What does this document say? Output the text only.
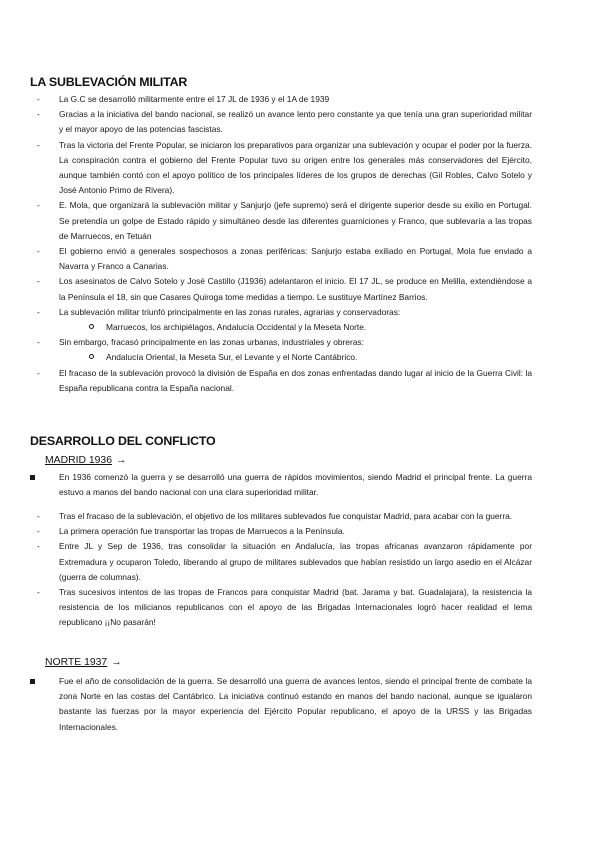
LA SUBLEVACIÓN MILITAR
- La G.C se desarrolló militarmente entre el 17 JL de 1936 y el 1A de 1939
- Gracias a la iniciativa del bando nacional, se realizó un avance lento pero constante ya que tenía una gran superioridad militar y el mayor apoyo de las potencias fascistas.
- Tras la victoria del Frente Popular, se iniciaron los preparativos para organizar una sublevación y ocupar el poder por la fuerza. La conspiración contra el gobierno del Frente Popular tuvo su origen entre los generales más conservadores del Ejército, aunque también contó con el apoyo político de los principales líderes de los grupos de derechas (Gil Robles, Calvo Sotelo y José Antonio Primo de Rivera).
- E. Mola, que organizará la sublevación militar y Sanjurjo (jefe supremo) será el dirigente superior desde su exilio en Portugal. Se pretendía un golpe de Estado rápido y simultáneo desde las diferentes guarniciones y Franco, que sublevaría a las tropas de Marruecos, en Tetuán
- El gobierno envió a generales sospechosos a zonas periféricas: Sanjurjo estaba exiliado en Portugal, Mola fue enviado a Navarra y Franco a Canarias.
- Los asesinatos de Calvo Sotelo y José Castillo (J1936) adelantaron el inicio. El 17 JL, se produce en Melilla, extendiéndose a la Península el 18, sin que Casares Quiroga tome medidas a tiempo. Le sustituye Martínez Barrios.
- La sublevación militar triunfó principalmente en las zonas rurales, agrarias y conservadoras:
Marruecos, los archipiélagos, Andalucía Occidental y la Meseta Norte.
- Sin embargo, fracasó principalmente en las zonas urbanas, industriales y obreras:
Andalucía Oriental, la Meseta Sur, el Levante y el Norte Cantábrico.
- El fracaso de la sublevación provocó la división de España en dos zonas enfrentadas dando lugar al inicio de la Guerra Civil: la España republicana contra la España nacional.
DESARROLLO DEL CONFLICTO

MADRID 1936 →

En 1936 comenzó la guerra y se desarrolló una guerra de rápidos movimientos, siendo Madrid el principal frente. La guerra estuvo a manos del bando nacional con una clara superioridad militar.
- Tras el fracaso de la sublevación, el objetivo de los militares sublevados fue conquistar Madrid, para acabar con la guerra.
- La primera operación fue transportar las tropas de Marruecos a la Península.
- Entre JL y Sep de 1936, tras consolidar la situación en Andalucía, las tropas africanas avanzaron rápidamente por Extremadura y ocuparon Toledo, liberando al grupo de militares sublevados que habían resistido un largo asedio en el Alcázar (guerra de columnas).
- Tras sucesivos intentos de las tropas de Francos para conquistar Madrid (bat. Jarama y bat. Guadalajara), la resistencia la resistencia de los milicianos republicanos con el apoyo de las Brigadas Internacionales logró hacer realidad el lema republicano ¡¡No pasarán!

NORTE 1937 →

Fue el año de consolidación de la guerra. Se desarrolló una guerra de avances lentos, siendo el principal frente de combate la zona Norte en las costas del Cantábrico. La iniciativa continuó estando en manos del bando nacional, aunque se igualaron bastante las fuerzas por la mayor experiencia del Ejército Popular republicano, el apoyo de la URSS y las Brigadas Internacionales.
